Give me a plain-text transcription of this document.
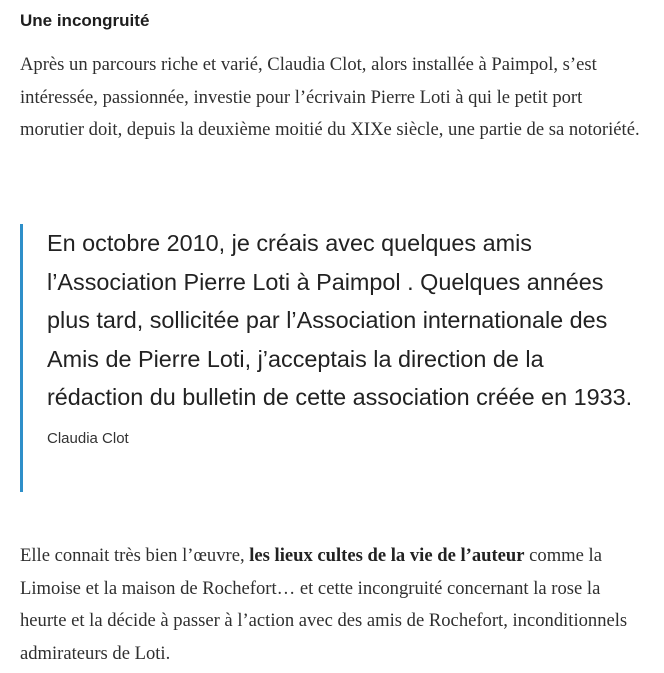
Une incongruité

Après un parcours riche et varié, Claudia Clot, alors installée à Paimpol, s’est intéressée, passionnée, investie pour l’écrivain Pierre Loti à qui le petit port morutier doit, depuis la deuxième moitié du XIXe siècle, une partie de sa notoriété.

En octobre 2010, je créais avec quelques amis l’Association Pierre Loti à Paimpol . Quelques années plus tard, sollicitée par l’Association internationale des Amis de Pierre Loti, j’acceptais la direction de la rédaction du bulletin de cette association créée en 1933.

Claudia Clot

Elle connait très bien l’œuvre, les lieux cultes de la vie de l’auteur comme la Limoise et la maison de Rochefort… et cette incongruité concernant la rose la heurte et la décide à passer à l’action avec des amis de Rochefort, inconditionnels admirateurs de Loti.
